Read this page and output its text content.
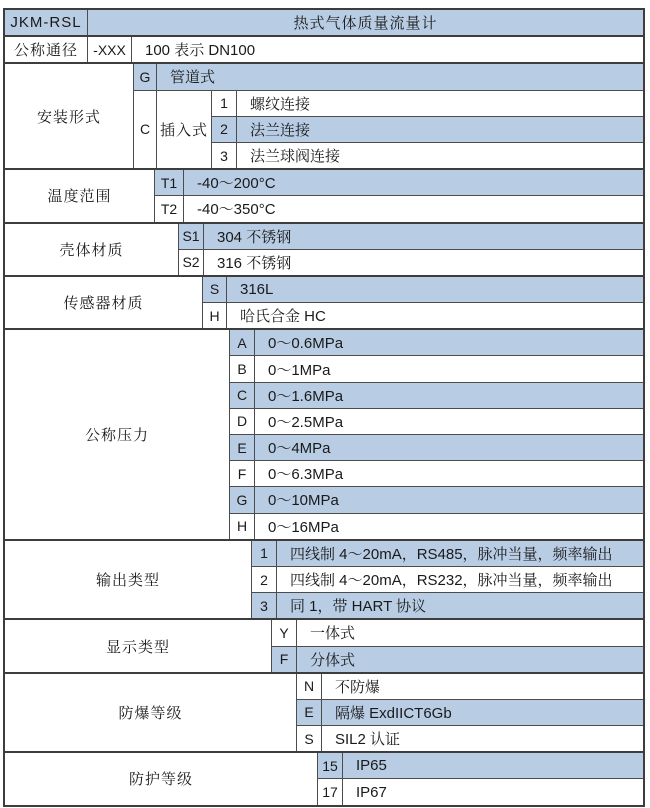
JKM-RSL	热式气体质量流量计
公称通径	-XXX	100 表示 DN100
安装形式
G	管道式
C 插入式
1	螺纹连接
2	法兰连接
3	法兰球阀连接
温度范围
T1	-40～200°C
T2	-40～350°C
壳体材质
S1	304 不锈钢
S2	316 不锈钢
传感器材质
S	316L
H	哈氏合金 HC
公称压力
A	0～0.6MPa
B	0～1MPa
C	0～1.6MPa
D	0～2.5MPa
E	0～4MPa
F	0～6.3MPa
G	0～10MPa
H	0～16MPa
输出类型
1	四线制 4～20mA，RS485，脉冲当量，频率输出
2	四线制 4～20mA，RS232，脉冲当量，频率输出
3	同 1，带 HART 协议
显示类型
Y	一体式
F	分体式
防爆等级
N	不防爆
E	隔爆 ExdIICT6Gb
S	SIL2 认证
防护等级
15	IP65
17	IP67
